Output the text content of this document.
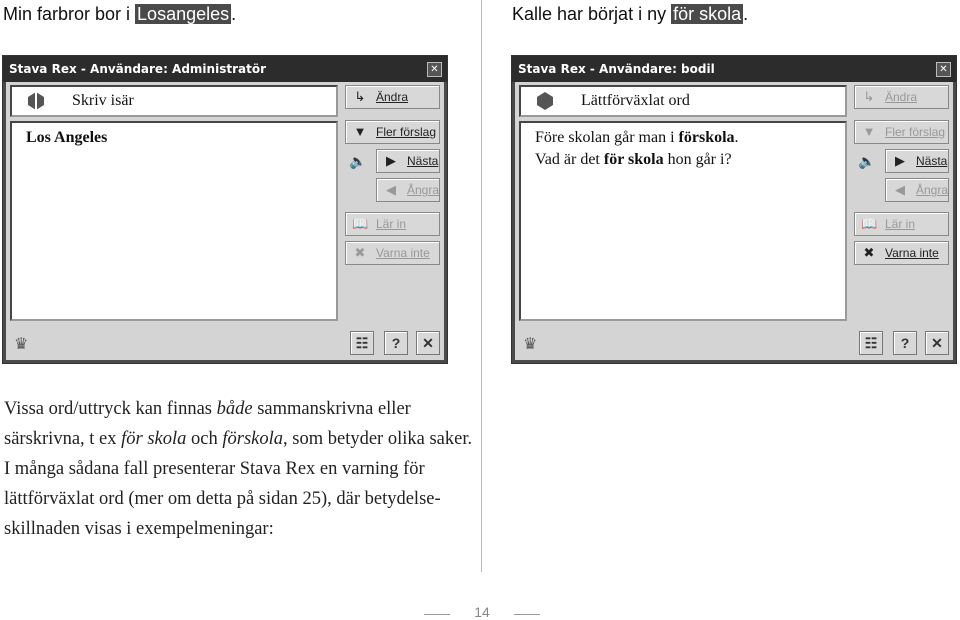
Min farbror bor i Losangeles .	Kalle har börjat i ny för skola .
Stava Rex - Användare: Administratör	✕
Skriv isär
Los Angeles
↳ Ändra
▼ Fler förslag
🔈 ▶ Nästa
◀ Ångra
📖 Lär in
✖ Varna inte
♛	☷	?	✕
Stava Rex - Användare: bodil	✕
Lättförväxlat ord
Före skolan går man i förskola.
Vad är det för skola hon går i?
↳ Ändra
▼ Fler förslag
🔈 ▶ Nästa
◀ Ångra
📖 Lär in
✖ Varna inte
♛	☷	?	✕
Vissa ord/uttryck kan finnas både sammanskrivna eller särskrivna, t ex för skola och förskola, som betyder olika saker. I många sådana fall presenterar Stava Rex en varning för lättförväxlat ord (mer om detta på sidan 25), där betydelseskillnaden visas i exempelmeningar:
14
